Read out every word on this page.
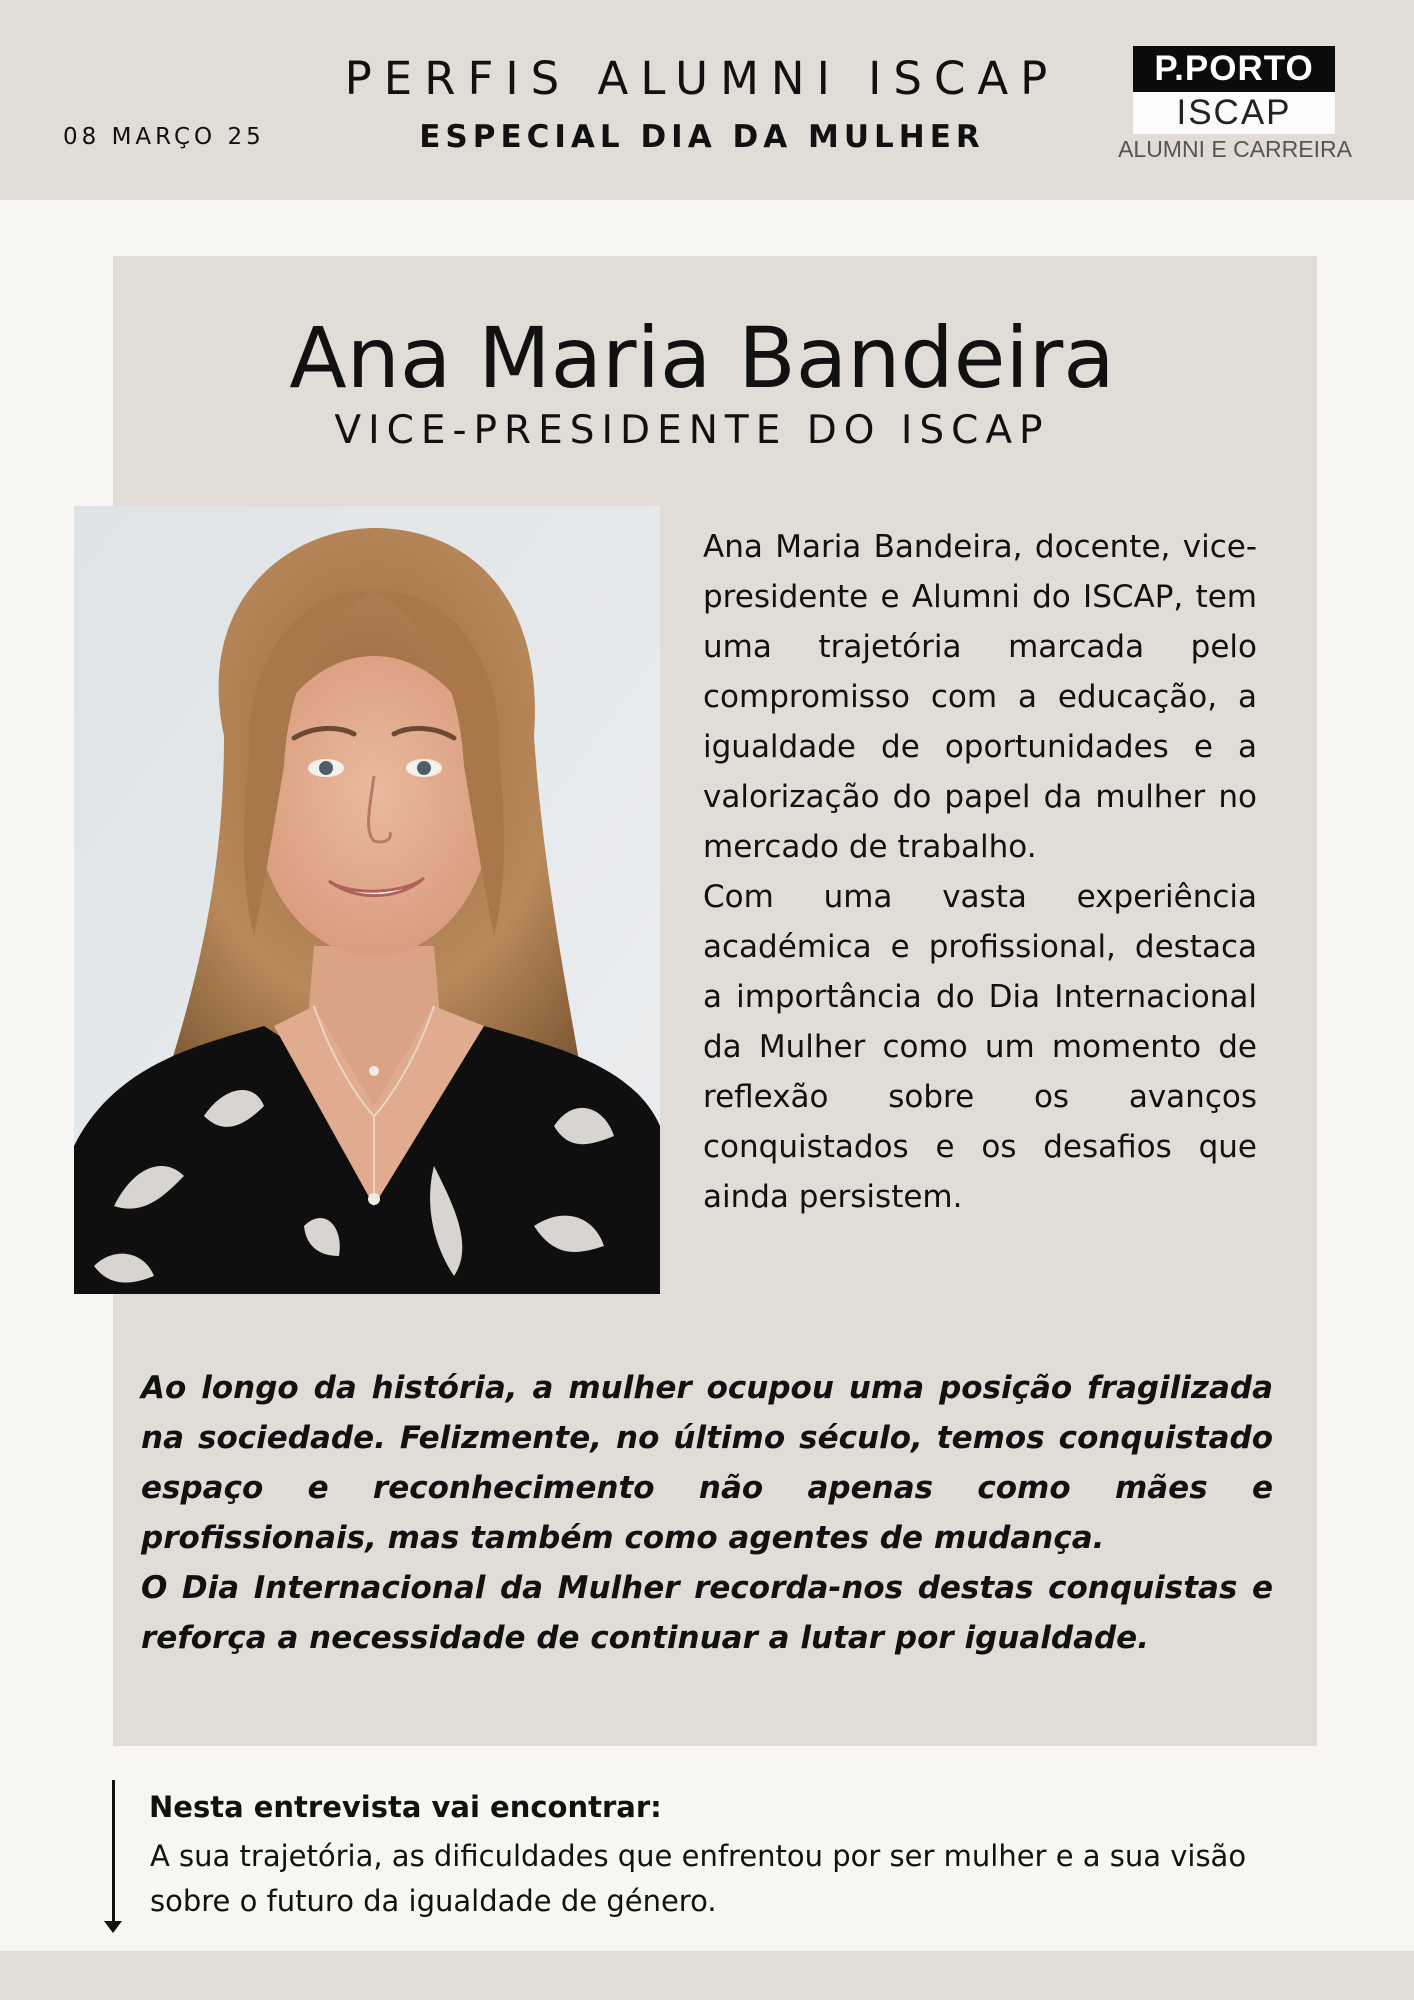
08 MARÇO 25
PERFIS ALUMNI ISCAP
ESPECIAL DIA DA MULHER
P.PORTO
ISCAP
ALUMNI E CARREIRA
Ana Maria Bandeira
VICE-PRESIDENTE DO ISCAP

Ana Maria Bandeira, docente, vice-presidente e Alumni do ISCAP, tem uma trajetória marcada pelo compromisso com a educação, a igualdade de oportunidades e a valorização do papel da mulher no mercado de trabalho.

Com uma vasta experiência académica e profissional, destaca a importância do Dia Internacional da Mulher como um momento de reflexão sobre os avanços conquistados e os desafios que ainda persistem.

Ao longo da história, a mulher ocupou uma posição fragilizada na sociedade. Felizmente, no último século, temos conquistado espaço e reconhecimento não apenas como mães e profissionais, mas também como agentes de mudança.

O Dia Internacional da Mulher recorda-nos destas conquistas e reforça a necessidade de continuar a lutar por igualdade.

Nesta entrevista vai encontrar:
A sua trajetória, as dificuldades que enfrentou por ser mulher e a sua visão sobre o futuro da igualdade de género.
